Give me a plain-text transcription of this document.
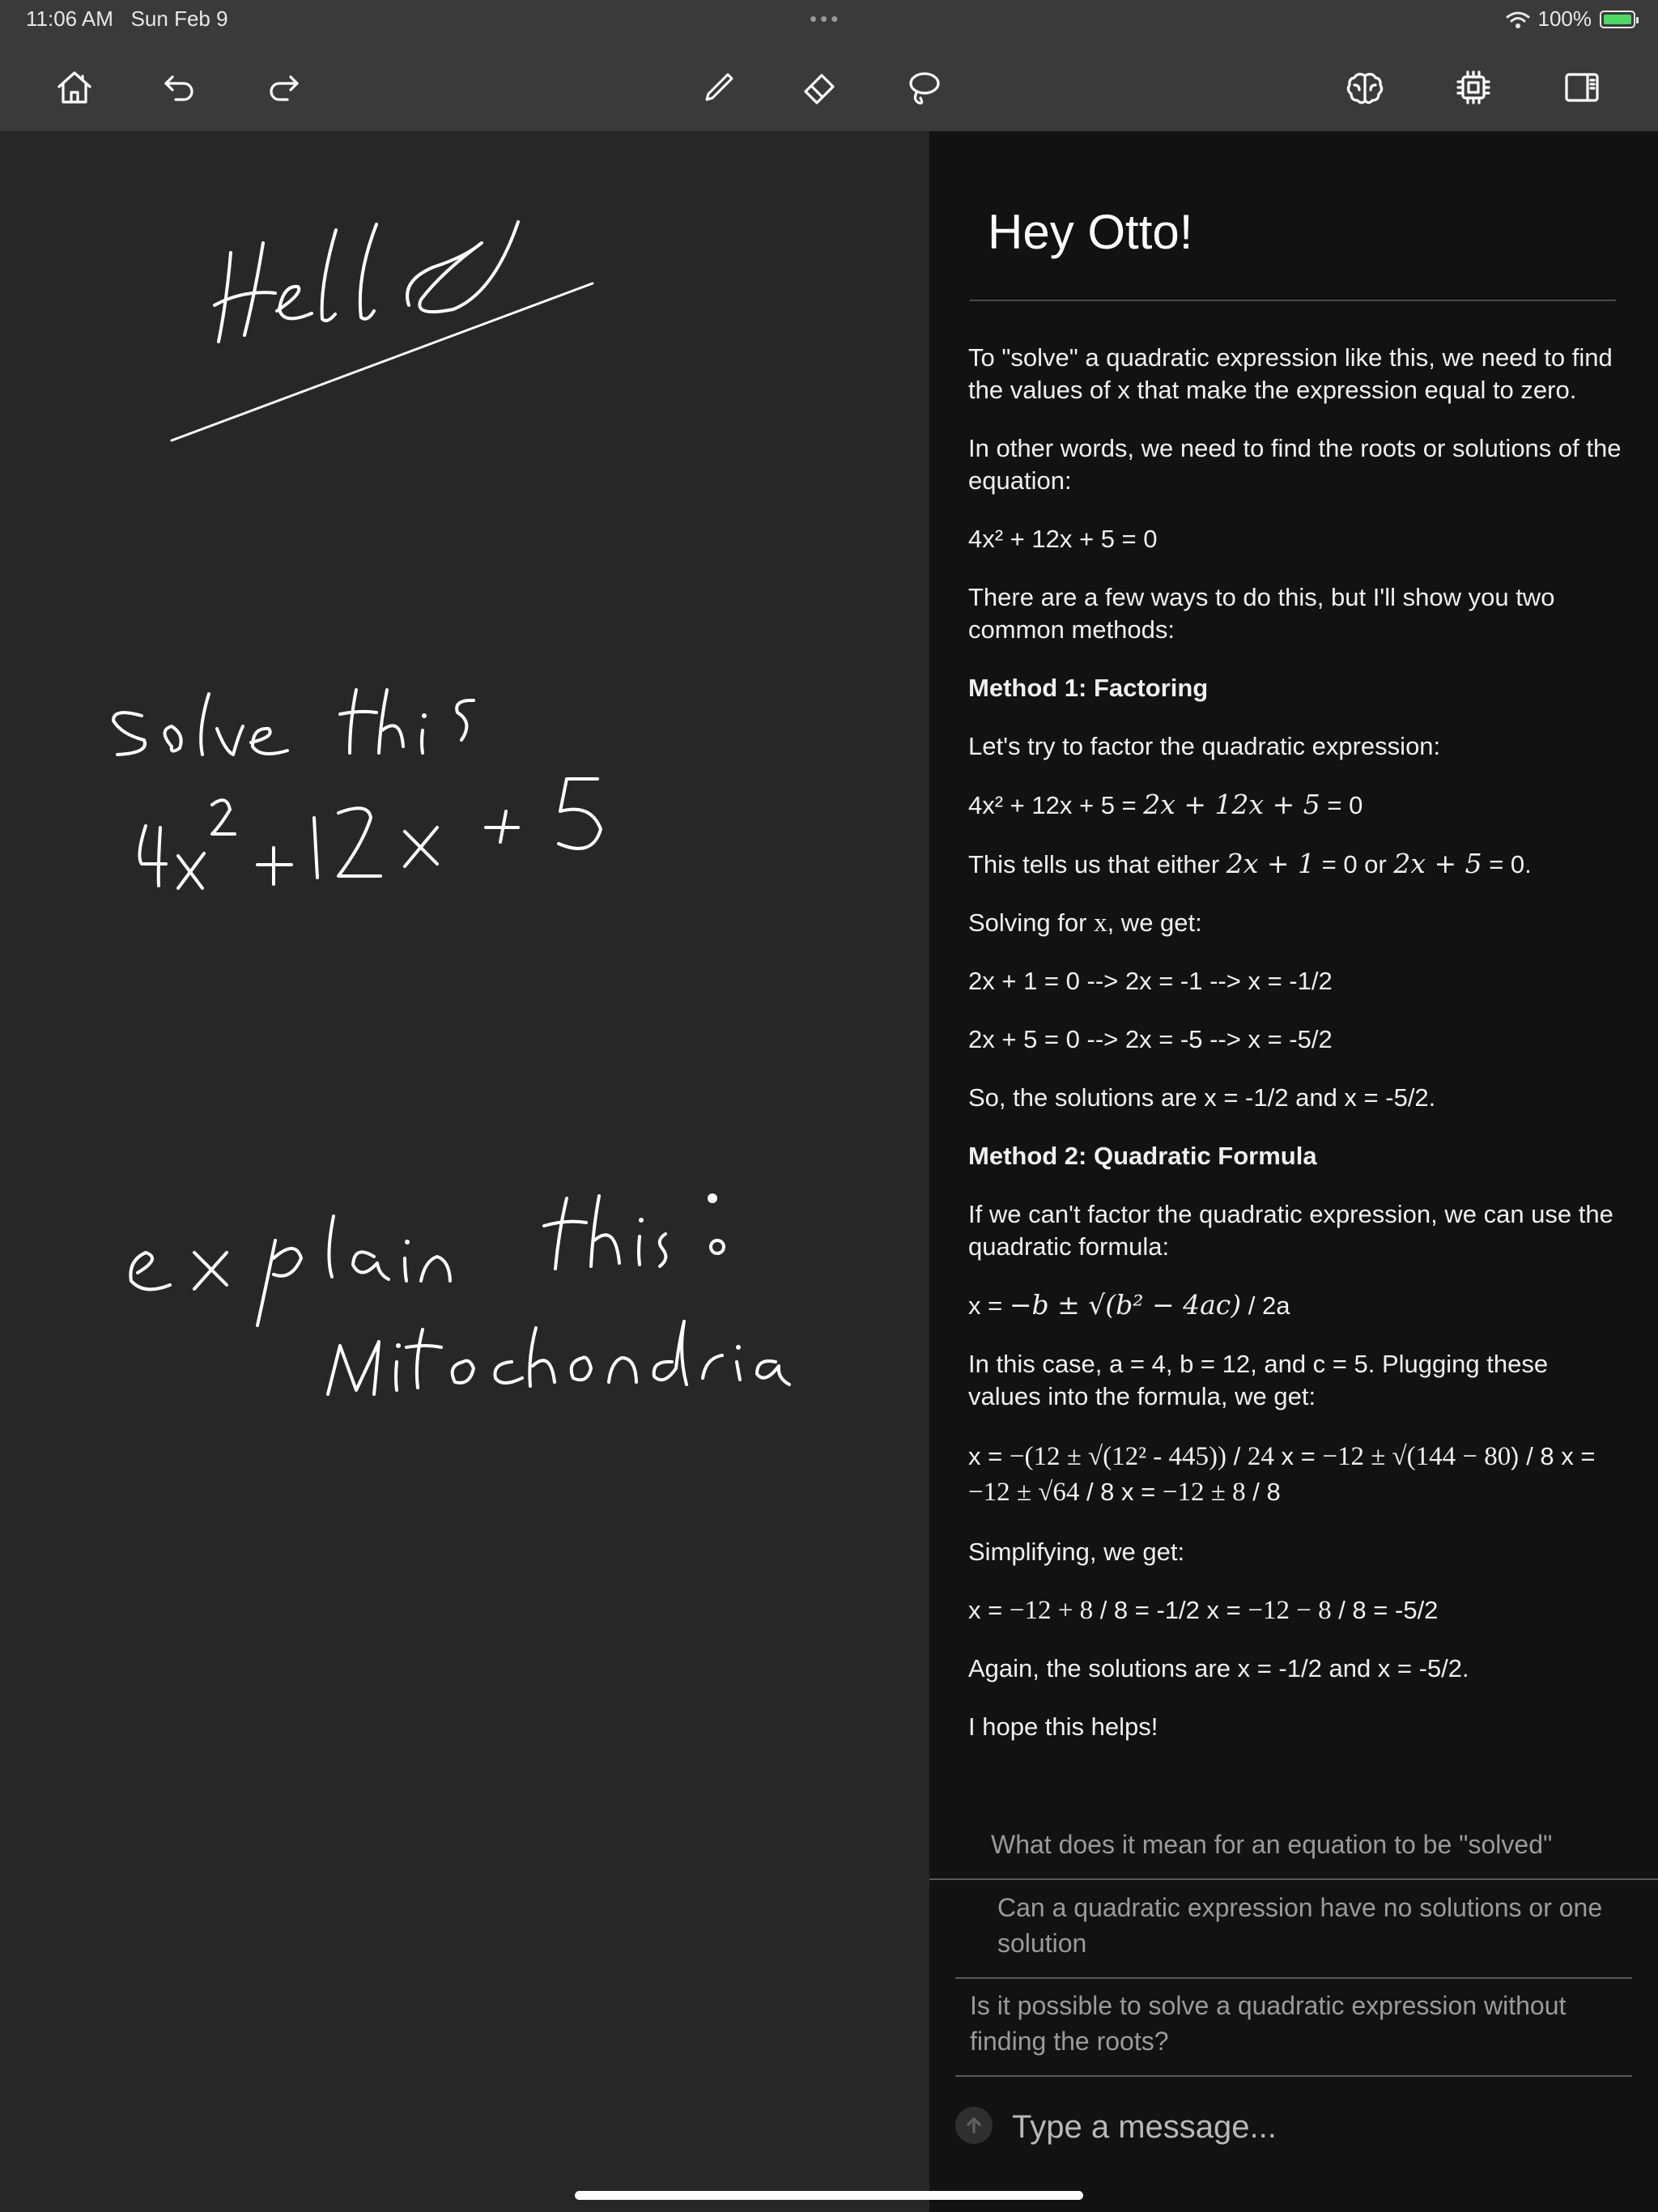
11:06 AM   Sun Feb 9	•••	100%
Hey Otto!

To "solve" a quadratic expression like this, we need to find the values of x that make the expression equal to zero.

In other words, we need to find the roots or solutions of the equation:

4x² + 12x + 5 = 0

There are a few ways to do this, but I'll show you two common methods:

Method 1: Factoring

Let's try to factor the quadratic expression:

4x² + 12x + 5 = 2x + 12x + 5 = 0

This tells us that either 2x + 1 = 0 or 2x + 5 = 0.

Solving for x, we get:

2x + 1 = 0 --> 2x = -1 --> x = -1/2

2x + 5 = 0 --> 2x = -5 --> x = -5/2

So, the solutions are x = -1/2 and x = -5/2.

Method 2: Quadratic Formula

If we can't factor the quadratic expression, we can use the quadratic formula:

x = −b ± √(b² − 4ac) / 2a

In this case, a = 4, b = 12, and c = 5. Plugging these values into the formula, we get:

x = −(12 ± √(12² - 445)) / 24 x = −12 ± √(144 − 80) / 8 x = −12 ± √64 / 8 x = −12 ± 8 / 8

Simplifying, we get:

x = −12 + 8 / 8 = -1/2 x = −12 − 8 / 8 = -5/2

Again, the solutions are x = -1/2 and x = -5/2.

I hope this helps!

What does it mean for an equation to be "solved"
Can a quadratic expression have no solutions or one solution
Is it possible to solve a quadratic expression without finding the roots?
Type a message...
